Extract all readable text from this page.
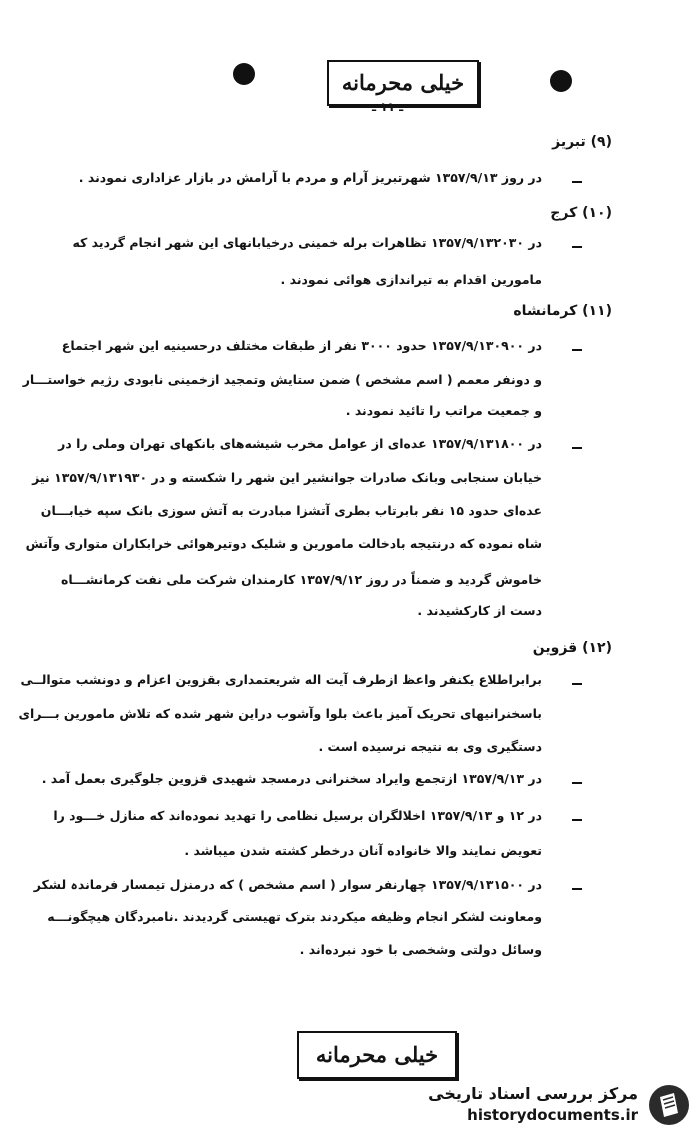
خیلی محرمانه
ـ ۱۱ ـ
(۹) تبریز
در روز ۱۳۵۷/۹/۱۳ شهرتبریز آرام و مردم با آرامش در بازار عزاداری نمودند .
(۱۰) کرج
در ۱۳۵۷/۹/۱۳۲۰۳۰ تظاهرات برله خمینی درخیابانهای این شهر انجام گردید که
مامورین اقدام به تیراندازی هوائی نمودند .
(۱۱) کرمانشاه
در ۱۳۵۷/۹/۱۳۰۹۰۰ حدود ۳۰۰۰ نفر از طبقات مختلف درحسینیه این شهر اجتماع
و دونفر معمم ( اسم مشخص ) ضمن ستایش وتمجید ازخمینی نابودی رژیم خواستـــار
و جمعیت مراتب را تائید نمودند .
در ۱۳۵۷/۹/۱۳۱۸۰۰ عده‌ای از عوامل مخرب شیشه‌های بانکهای تهران وملی را در
خیابان سنجابی وبانک صادرات جوانشیر این شهر را شکسته و در ۱۳۵۷/۹/۱۳۱۹۳۰ نیز
عده‌ای حدود ۱۵ نفر بابرتاب بطری آتشزا مبادرت به آتش سوزی بانک سپه خیابـــان
شاه نموده که درنتیجه بادخالت مامورین و شلیک دوتیرهوائی خرابکاران متواری وآتش
خاموش گردید و ضمناً در روز ۱۳۵۷/۹/۱۲ کارمندان شرکت ملی نفت کرمانشـــاه
دست از کارکشیدند .
(۱۲) قزوین
برابراطلاع یکنفر واعظ ازطرف آیت اله شریعتمداری بقزوین اعزام و دونشب متوالــی
باسخنرانیهای تحریک آمیز باعث بلوا وآشوب دراین شهر شده که تلاش مامورین بـــرای
دستگیری وی به نتیجه نرسیده است .
در ۱۳۵۷/۹/۱۳ ازتجمع وایراد سخنرانی درمسجد شهیدی قزوین جلوگیری بعمل آمد .
در ۱۲ و ۱۳۵۷/۹/۱۳ اخلالگران برسیل نظامی را تهدید نموده‌اند که منازل خـــود را
تعویض نمایند والا خانواده آنان درخطر کشته شدن میباشد .
در ۱۳۵۷/۹/۱۳۱۵۰۰ چهارنفر سوار ( اسم مشخص ) که درمنزل تیمسار فرماندہ لشکر
ومعاونت لشکر انجام وظیفه میکردند بترک تهیستی گردیدند .نامبردگان هیچگونـــه
وسائل دولتی وشخصی با خود نبرده‌اند .
خیلی محرمانه
مرکز بررسی اسناد تاریخی
historydocuments.ir
